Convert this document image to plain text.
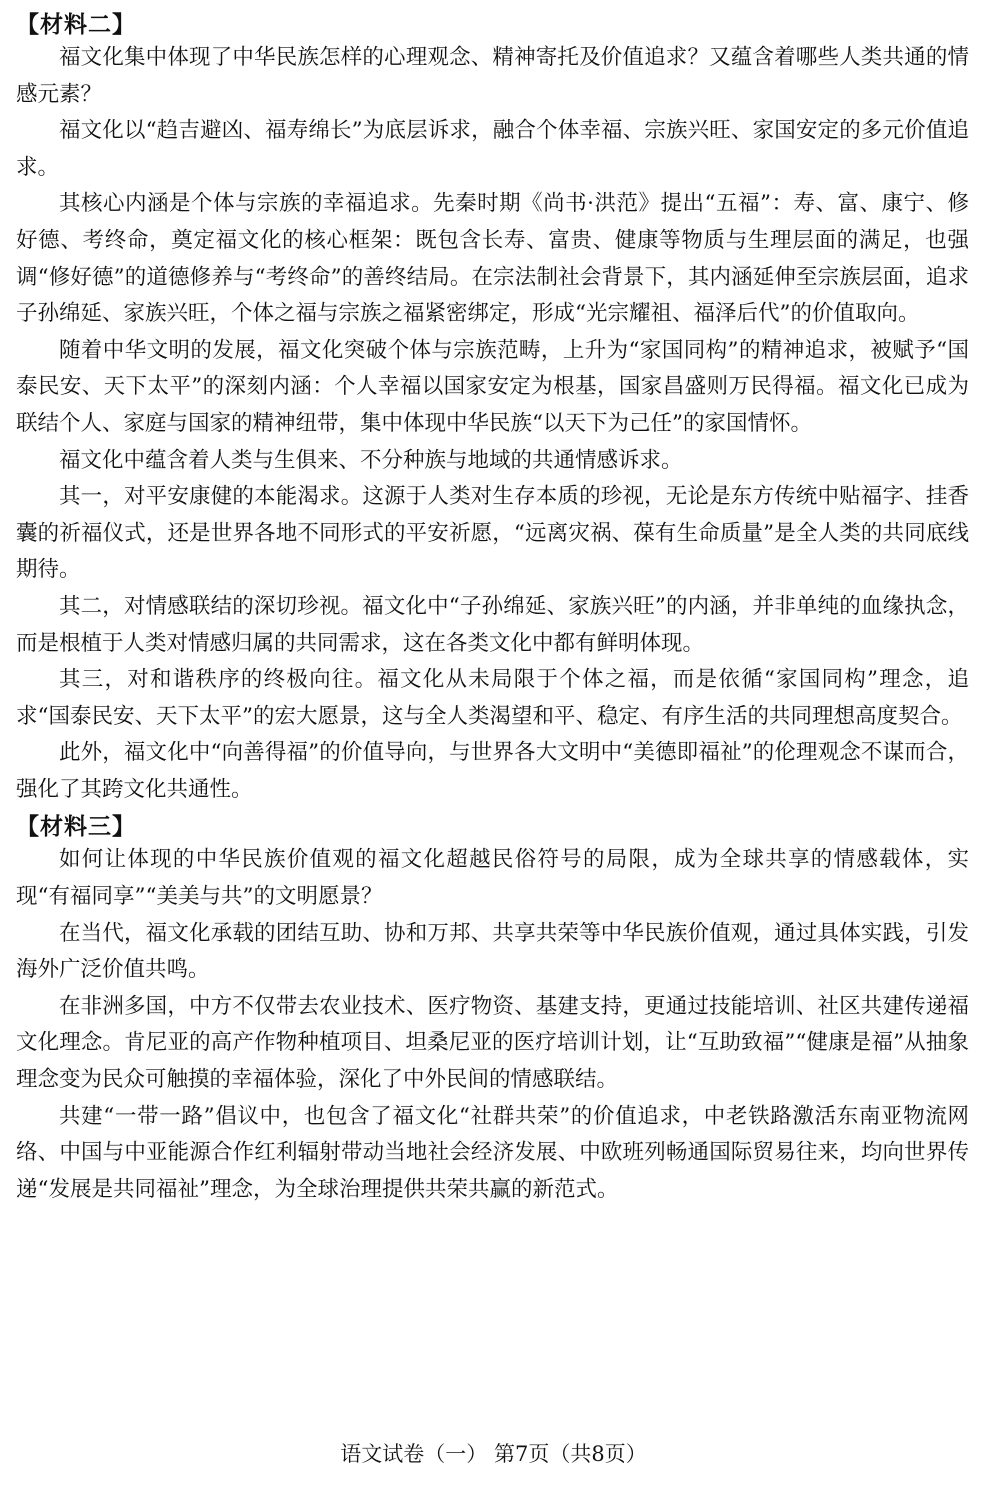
【材料二】

福文化集中体现了中华民族怎样的心理观念、精神寄托及价值追求？又蕴含着哪些人类共通的情感元素？

福文化以“趋吉避凶、福寿绵长”为底层诉求，融合个体幸福、宗族兴旺、家国安定的多元价值追求。

其核心内涵是个体与宗族的幸福追求。先秦时期《尚书·洪范》提出“五福”：寿、富、康宁、修好德、考终命，奠定福文化的核心框架：既包含长寿、富贵、健康等物质与生理层面的满足，也强调“修好德”的道德修养与“考终命”的善终结局。在宗法制社会背景下，其内涵延伸至宗族层面，追求子孙绵延、家族兴旺，个体之福与宗族之福紧密绑定，形成“光宗耀祖、福泽后代”的价值取向。

随着中华文明的发展，福文化突破个体与宗族范畴，上升为“家国同构”的精神追求，被赋予“国泰民安、天下太平”的深刻内涵：个人幸福以国家安定为根基，国家昌盛则万民得福。福文化已成为联结个人、家庭与国家的精神纽带，集中体现中华民族“以天下为己任”的家国情怀。

福文化中蕴含着人类与生俱来、不分种族与地域的共通情感诉求。

其一，对平安康健的本能渴求。这源于人类对生存本质的珍视，无论是东方传统中贴福字、挂香囊的祈福仪式，还是世界各地不同形式的平安祈愿，“远离灾祸、葆有生命质量”是全人类的共同底线期待。

其二，对情感联结的深切珍视。福文化中“子孙绵延、家族兴旺”的内涵，并非单纯的血缘执念，而是根植于人类对情感归属的共同需求，这在各类文化中都有鲜明体现。

其三，对和谐秩序的终极向往。福文化从未局限于个体之福，而是依循“家国同构”理念，追求“国泰民安、天下太平”的宏大愿景，这与全人类渴望和平、稳定、有序生活的共同理想高度契合。

此外，福文化中“向善得福”的价值导向，与世界各大文明中“美德即福祉”的伦理观念不谋而合，强化了其跨文化共通性。

【材料三】

如何让体现的中华民族价值观的福文化超越民俗符号的局限，成为全球共享的情感载体，实现“有福同享”“美美与共”的文明愿景？

在当代，福文化承载的团结互助、协和万邦、共享共荣等中华民族价值观，通过具体实践，引发海外广泛价值共鸣。

在非洲多国，中方不仅带去农业技术、医疗物资、基建支持，更通过技能培训、社区共建传递福文化理念。肯尼亚的高产作物种植项目、坦桑尼亚的医疗培训计划，让“互助致福”“健康是福”从抽象理念变为民众可触摸的幸福体验，深化了中外民间的情感联结。

共建“一带一路”倡议中，也包含了福文化“社群共荣”的价值追求，中老铁路激活东南亚物流网络、中国与中亚能源合作红利辐射带动当地社会经济发展、中欧班列畅通国际贸易往来，均向世界传递“发展是共同福祉”理念，为全球治理提供共荣共赢的新范式。

语文试卷（一） 第7页（共8页）
